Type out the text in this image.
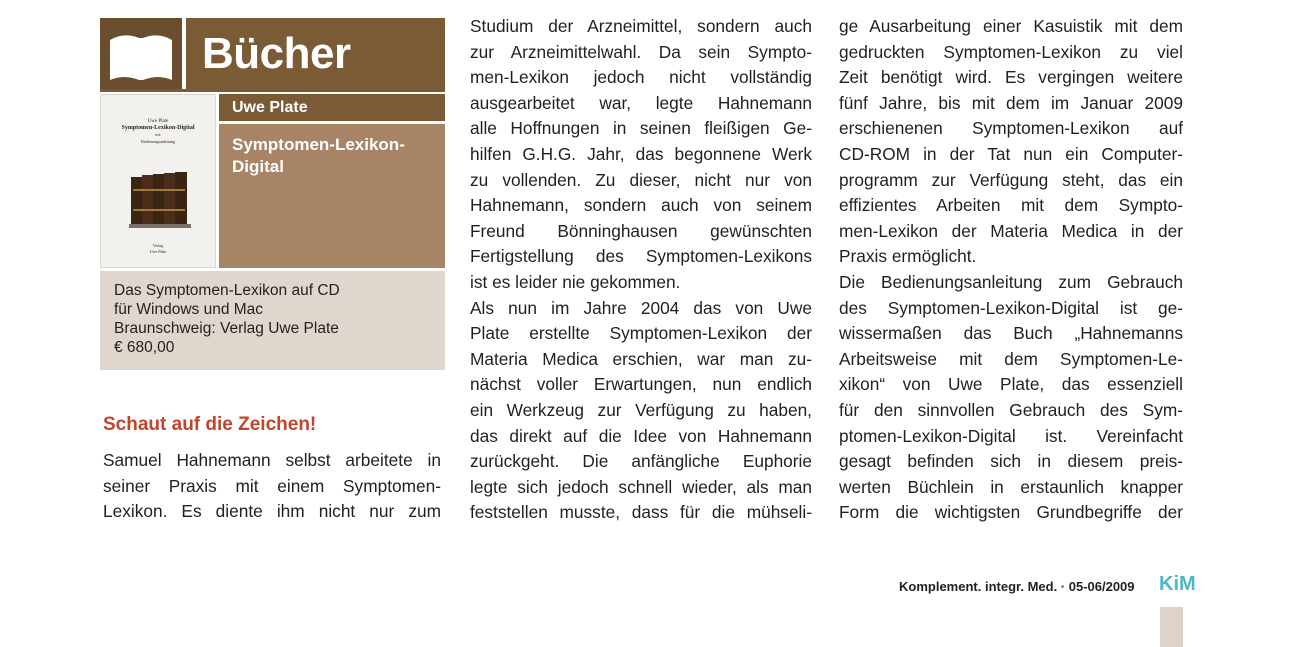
Bücher
Uwe Plate
Symptomen-Lexikon-Digital
mit
Bedienungsanleitung
Verlag
Uwe Plate
Uwe Plate
Symptomen-Lexikon-
Digital
Das Symptomen-Lexikon auf CD
für Windows und Mac
Braunschweig: Verlag Uwe Plate
€ 680,00
Schaut auf die Zeichen!
Samuel Hahnemann selbst arbeitete in
seiner Praxis mit einem Symptomen-
Lexikon. Es diente ihm nicht nur zum
Studium der Arzneimittel, sondern auch
zur Arzneimittelwahl. Da sein Sympto-
men-Lexikon jedoch nicht vollständig
ausgearbeitet war, legte Hahnemann
alle Hoffnungen in seinen fleißigen Ge-
hilfen G.H.G. Jahr, das begonnene Werk
zu vollenden. Zu dieser, nicht nur von
Hahnemann, sondern auch von seinem
Freund Bönninghausen gewünschten
Fertigstellung des Symptomen-Lexikons
ist es leider nie gekommen.
Als nun im Jahre 2004 das von Uwe
Plate erstellte Symptomen-Lexikon der
Materia Medica erschien, war man zu-
nächst voller Erwartungen, nun endlich
ein Werkzeug zur Verfügung zu haben,
das direkt auf die Idee von Hahnemann
zurückgeht. Die anfängliche Euphorie
legte sich jedoch schnell wieder, als man
feststellen musste, dass für die mühseli-
ge Ausarbeitung einer Kasuistik mit dem
gedruckten Symptomen-Lexikon zu viel
Zeit benötigt wird. Es vergingen weitere
fünf Jahre, bis mit dem im Januar 2009
erschienenen Symptomen-Lexikon auf
CD-ROM in der Tat nun ein Computer-
programm zur Verfügung steht, das ein
effizientes Arbeiten mit dem Sympto-
men-Lexikon der Materia Medica in der
Praxis ermöglicht.
Die Bedienungsanleitung zum Gebrauch
des Symptomen-Lexikon-Digital ist ge-
wissermaßen das Buch „Hahnemanns
Arbeitsweise mit dem Symptomen-Le-
xikon“ von Uwe Plate, das essenziell
für den sinnvollen Gebrauch des Sym-
ptomen-Lexikon-Digital ist. Vereinfacht
gesagt befinden sich in diesem preis-
werten Büchlein in erstaunlich knapper
Form die wichtigsten Grundbegriffe der
Komplement. integr. Med. · 05-06/2009 KiM
